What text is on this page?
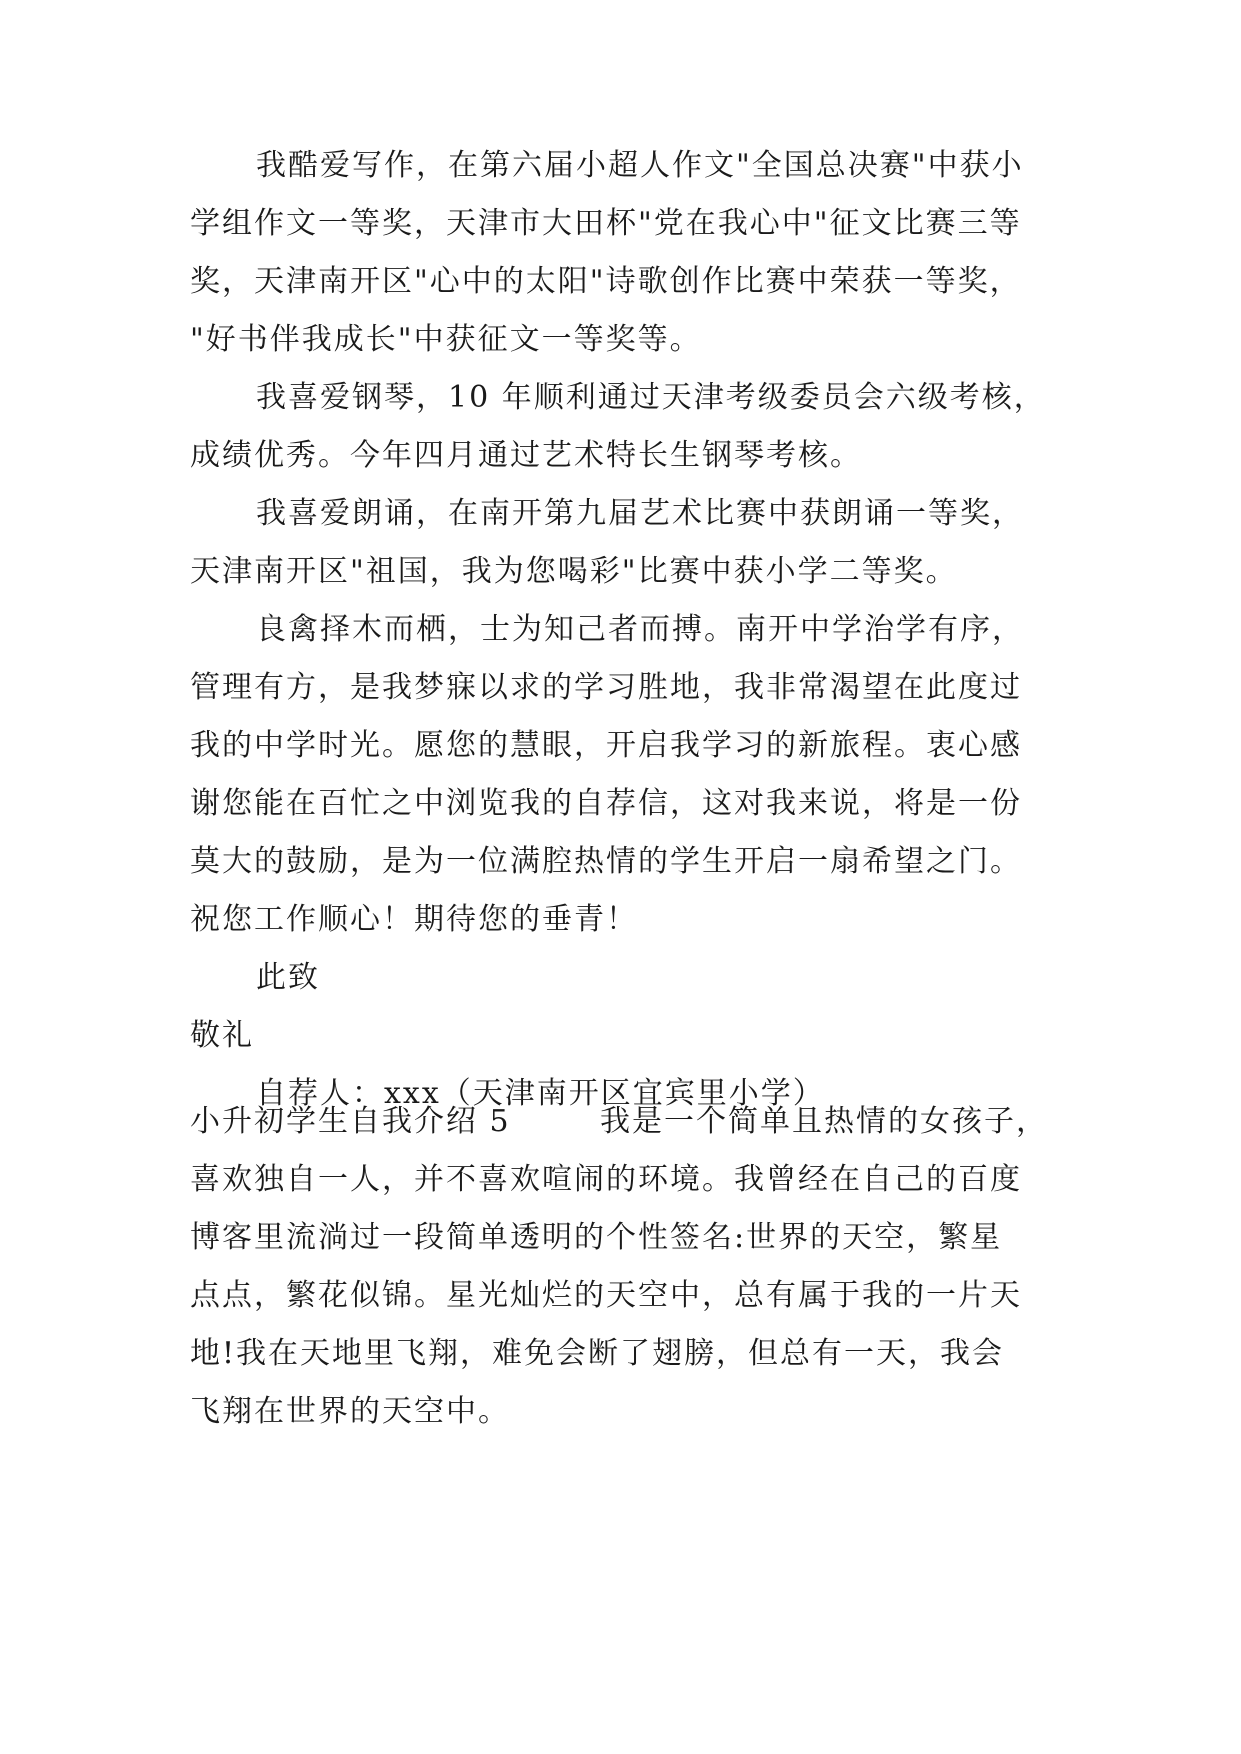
我酷爱写作，在第六届小超人作文"全国总决赛"中获小
学组作文一等奖，天津市大田杯"党在我心中"征文比赛三等
奖，天津南开区"心中的太阳"诗歌创作比赛中荣获一等奖，
"好书伴我成长"中获征文一等奖等。
我喜爱钢琴，10 年顺利通过天津考级委员会六级考核，
成绩优秀。今年四月通过艺术特长生钢琴考核。
我喜爱朗诵，在南开第九届艺术比赛中获朗诵一等奖，
天津南开区"祖国，我为您喝彩"比赛中获小学二等奖。
良禽择木而栖，士为知己者而搏。南开中学治学有序，
管理有方，是我梦寐以求的学习胜地，我非常渴望在此度过
我的中学时光。愿您的慧眼，开启我学习的新旅程。衷心感
谢您能在百忙之中浏览我的自荐信，这对我来说，将是一份
莫大的鼓励，是为一位满腔热情的学生开启一扇希望之门。
祝您工作顺心！期待您的垂青！
此致
敬礼
自荐人：xxx（天津南开区宜宾里小学）
小升初学生自我介绍 5	我是一个简单且热情的女孩子，
喜欢独自一人，并不喜欢喧闹的环境。我曾经在自己的百度
博客里流淌过一段简单透明的个性签名:世界的天空，繁星
点点，繁花似锦。星光灿烂的天空中，总有属于我的一片天
地!我在天地里飞翔，难免会断了翅膀，但总有一天，我会
飞翔在世界的天空中。
